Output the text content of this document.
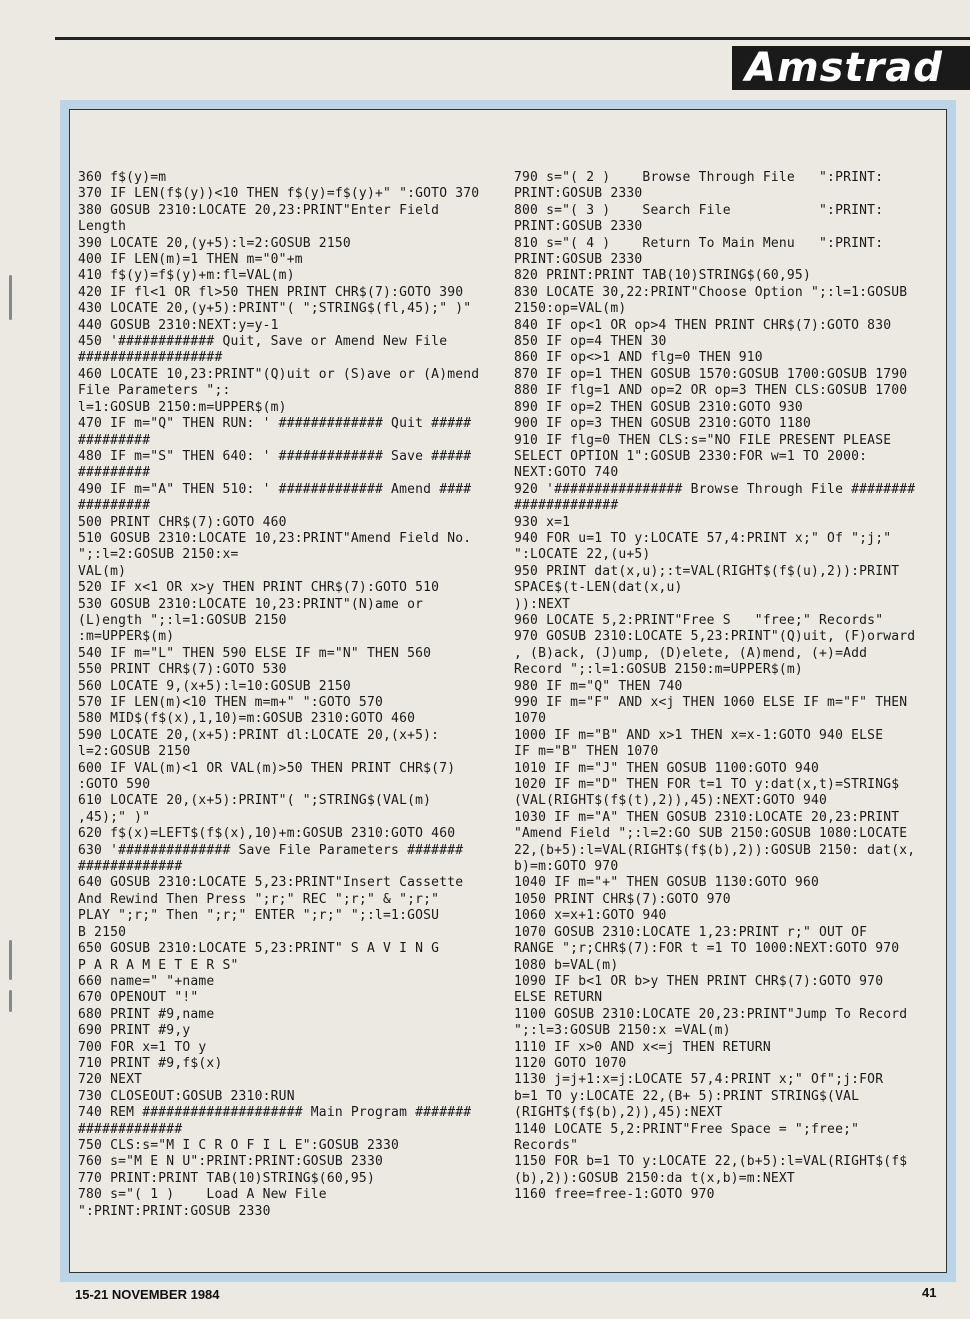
Amstrad
360 f$(y)=m
370 IF LEN(f$(y))<10 THEN f$(y)=f$(y)+" ":GOTO 370
380 GOSUB 2310:LOCATE 20,23:PRINT"Enter Field
Length
390 LOCATE 20,(y+5):l=2:GOSUB 2150
400 IF LEN(m)=1 THEN m="0"+m
410 f$(y)=f$(y)+m:fl=VAL(m)
420 IF fl<1 OR fl>50 THEN PRINT CHR$(7):GOTO 390
430 LOCATE 20,(y+5):PRINT"( ";STRING$(fl,45);" )"
440 GOSUB 2310:NEXT:y=y-1
450 '############ Quit, Save or Amend New File
##################
460 LOCATE 10,23:PRINT"(Q)uit or (S)ave or (A)mend
File Parameters ";:
l=1:GOSUB 2150:m=UPPER$(m)
470 IF m="Q" THEN RUN: ' ############# Quit #####
#########
480 IF m="S" THEN 640: ' ############# Save #####
#########
490 IF m="A" THEN 510: ' ############# Amend ####
#########
500 PRINT CHR$(7):GOTO 460
510 GOSUB 2310:LOCATE 10,23:PRINT"Amend Field No.
";:l=2:GOSUB 2150:x=
VAL(m)
520 IF x<1 OR x>y THEN PRINT CHR$(7):GOTO 510
530 GOSUB 2310:LOCATE 10,23:PRINT"(N)ame or
(L)ength ";:l=1:GOSUB 2150
:m=UPPER$(m)
540 IF m="L" THEN 590 ELSE IF m="N" THEN 560
550 PRINT CHR$(7):GOTO 530
560 LOCATE 9,(x+5):l=10:GOSUB 2150
570 IF LEN(m)<10 THEN m=m+" ":GOTO 570
580 MID$(f$(x),1,10)=m:GOSUB 2310:GOTO 460
590 LOCATE 20,(x+5):PRINT dl:LOCATE 20,(x+5):
l=2:GOSUB 2150
600 IF VAL(m)<1 OR VAL(m)>50 THEN PRINT CHR$(7)
:GOTO 590
610 LOCATE 20,(x+5):PRINT"( ";STRING$(VAL(m)
,45);" )"
620 f$(x)=LEFT$(f$(x),10)+m:GOSUB 2310:GOTO 460
630 '############## Save File Parameters #######
#############
640 GOSUB 2310:LOCATE 5,23:PRINT"Insert Cassette
And Rewind Then Press ";r;" REC ";r;" & ";r;"
PLAY ";r;" Then ";r;" ENTER ";r;" ";:l=1:GOSU
B 2150
650 GOSUB 2310:LOCATE 5,23:PRINT" S A V I N G
P A R A M E T E R S"
660 name=" "+name
670 OPENOUT "!"
680 PRINT #9,name
690 PRINT #9,y
700 FOR x=1 TO y
710 PRINT #9,f$(x)
720 NEXT
730 CLOSEOUT:GOSUB 2310:RUN
740 REM #################### Main Program #######
#############
750 CLS:s="M I C R O F I L E":GOSUB 2330
760 s="M E N U":PRINT:PRINT:GOSUB 2330
770 PRINT:PRINT TAB(10)STRING$(60,95)
780 s="( 1 )    Load A New File
":PRINT:PRINT:GOSUB 2330
790 s="( 2 )    Browse Through File   ":PRINT:
PRINT:GOSUB 2330
800 s="( 3 )    Search File           ":PRINT:
PRINT:GOSUB 2330
810 s="( 4 )    Return To Main Menu   ":PRINT:
PRINT:GOSUB 2330
820 PRINT:PRINT TAB(10)STRING$(60,95)
830 LOCATE 30,22:PRINT"Choose Option ";:l=1:GOSUB
2150:op=VAL(m)
840 IF op<1 OR op>4 THEN PRINT CHR$(7):GOTO 830
850 IF op=4 THEN 30
860 IF op<>1 AND flg=0 THEN 910
870 IF op=1 THEN GOSUB 1570:GOSUB 1700:GOSUB 1790
880 IF flg=1 AND op=2 OR op=3 THEN CLS:GOSUB 1700
890 IF op=2 THEN GOSUB 2310:GOTO 930
900 IF op=3 THEN GOSUB 2310:GOTO 1180
910 IF flg=0 THEN CLS:s="NO FILE PRESENT PLEASE
SELECT OPTION 1":GOSUB 2330:FOR w=1 TO 2000:
NEXT:GOTO 740
920 '################ Browse Through File ########
#############
930 x=1
940 FOR u=1 TO y:LOCATE 57,4:PRINT x;" Of ";j;"
":LOCATE 22,(u+5)
950 PRINT dat(x,u);:t=VAL(RIGHT$(f$(u),2)):PRINT
SPACE$(t-LEN(dat(x,u)
)):NEXT
960 LOCATE 5,2:PRINT"Free S   "free;" Records"
970 GOSUB 2310:LOCATE 5,23:PRINT"(Q)uit, (F)orward
, (B)ack, (J)ump, (D)elete, (A)mend, (+)=Add
Record ";:l=1:GOSUB 2150:m=UPPER$(m)
980 IF m="Q" THEN 740
990 IF m="F" AND x<j THEN 1060 ELSE IF m="F" THEN
1070
1000 IF m="B" AND x>1 THEN x=x-1:GOTO 940 ELSE
IF m="B" THEN 1070
1010 IF m="J" THEN GOSUB 1100:GOTO 940
1020 IF m="D" THEN FOR t=1 TO y:dat(x,t)=STRING$
(VAL(RIGHT$(f$(t),2)),45):NEXT:GOTO 940
1030 IF m="A" THEN GOSUB 2310:LOCATE 20,23:PRINT
"Amend Field ";:l=2:GO SUB 2150:GOSUB 1080:LOCATE
22,(b+5):l=VAL(RIGHT$(f$(b),2)):GOSUB 2150: dat(x,
b)=m:GOTO 970
1040 IF m="+" THEN GOSUB 1130:GOTO 960
1050 PRINT CHR$(7):GOTO 970
1060 x=x+1:GOTO 940
1070 GOSUB 2310:LOCATE 1,23:PRINT r;" OUT OF
RANGE ";r;CHR$(7):FOR t =1 TO 1000:NEXT:GOTO 970
1080 b=VAL(m)
1090 IF b<1 OR b>y THEN PRINT CHR$(7):GOTO 970
ELSE RETURN
1100 GOSUB 2310:LOCATE 20,23:PRINT"Jump To Record
";:l=3:GOSUB 2150:x =VAL(m)
1110 IF x>0 AND x<=j THEN RETURN
1120 GOTO 1070
1130 j=j+1:x=j:LOCATE 57,4:PRINT x;" Of";j:FOR
b=1 TO y:LOCATE 22,(B+ 5):PRINT STRING$(VAL
(RIGHT$(f$(b),2)),45):NEXT
1140 LOCATE 5,2:PRINT"Free Space = ";free;"
Records"
1150 FOR b=1 TO y:LOCATE 22,(b+5):l=VAL(RIGHT$(f$
(b),2)):GOSUB 2150:da t(x,b)=m:NEXT
1160 free=free-1:GOTO 970
15-21 NOVEMBER 1984	41
